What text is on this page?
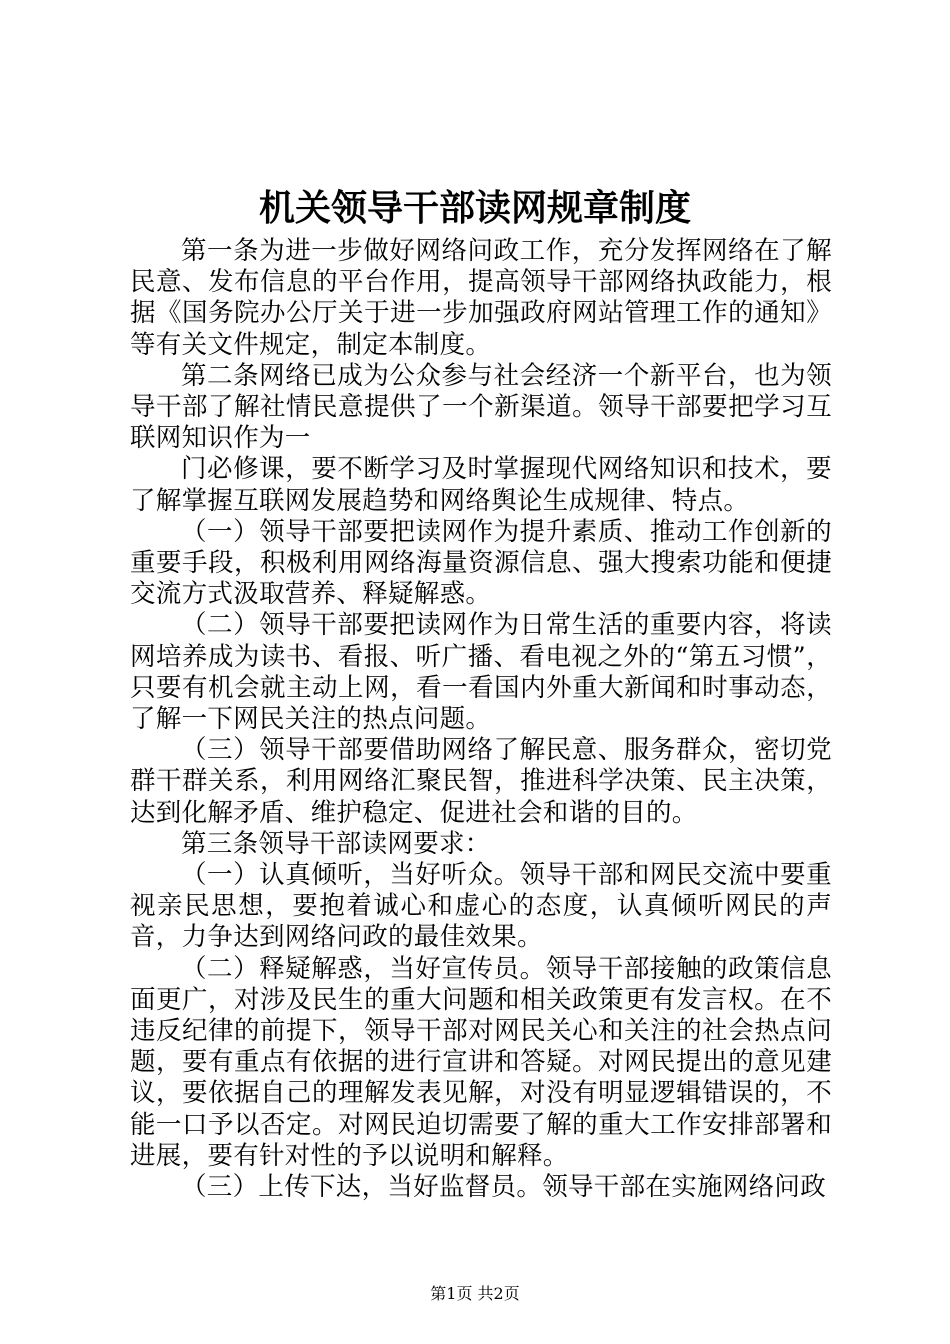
机关领导干部读网规章制度

第一条为进一步做好网络问政工作，充分发挥网络在了解民意、发布信息的平台作用，提高领导干部网络执政能力，根据《国务院办公厅关于进一步加强政府网站管理工作的通知》等有关文件规定，制定本制度。

第二条网络已成为公众参与社会经济一个新平台，也为领导干部了解社情民意提供了一个新渠道。领导干部要把学习互联网知识作为一

门必修课，要不断学习及时掌握现代网络知识和技术，要了解掌握互联网发展趋势和网络舆论生成规律、特点。

（一）领导干部要把读网作为提升素质、推动工作创新的重要手段，积极利用网络海量资源信息、强大搜索功能和便捷交流方式汲取营养、释疑解惑。

（二）领导干部要把读网作为日常生活的重要内容，将读网培养成为读书、看报、听广播、看电视之外的“第五习惯”，只要有机会就主动上网，看一看国内外重大新闻和时事动态，了解一下网民关注的热点问题。

（三）领导干部要借助网络了解民意、服务群众，密切党群干群关系，利用网络汇聚民智，推进科学决策、民主决策，达到化解矛盾、维护稳定、促进社会和谐的目的。

第三条领导干部读网要求：

（一）认真倾听，当好听众。领导干部和网民交流中要重视亲民思想，要抱着诚心和虚心的态度，认真倾听网民的声音，力争达到网络问政的最佳效果。

（二）释疑解惑，当好宣传员。领导干部接触的政策信息面更广，对涉及民生的重大问题和相关政策更有发言权。在不违反纪律的前提下，领导干部对网民关心和关注的社会热点问题，要有重点有依据的进行宣讲和答疑。对网民提出的意见建议，要依据自己的理解发表见解，对没有明显逻辑错误的，不能一口予以否定。对网民迫切需要了解的重大工作安排部署和进展，要有针对性的予以说明和解释。

（三）上传下达，当好监督员。领导干部在实施网络问政

第1页 共2页
